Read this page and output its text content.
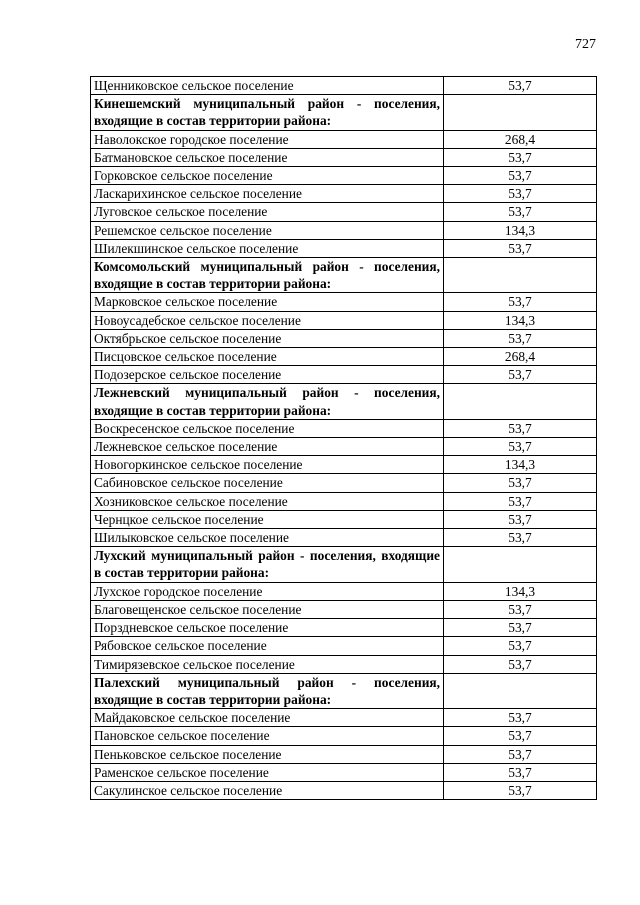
727
Щенниковское сельское поселение	53,7
Кинешемский муниципальный район - поселения, входящие в состав территории района:	
Наволокское городское поселение	268,4
Батмановское сельское поселение	53,7
Горковское сельское поселение	53,7
Ласкарихинское сельское поселение	53,7
Луговское сельское поселение	53,7
Решемское сельское поселение	134,3
Шилекшинское сельское поселение	53,7
Комсомольский муниципальный район - поселения, входящие в состав территории района:	
Марковское сельское поселение	53,7
Новоусадебское сельское поселение	134,3
Октябрьское сельское поселение	53,7
Писцовское сельское поселение	268,4
Подозерское сельское поселение	53,7
Лежневский муниципальный район - поселения, входящие в состав территории района:	
Воскресенское сельское поселение	53,7
Лежневское сельское поселение	53,7
Новогоркинское сельское поселение	134,3
Сабиновское сельское поселение	53,7
Хозниковское сельское поселение	53,7
Чернцкое сельское поселение	53,7
Шилыковское сельское поселение	53,7
Лухский муниципальный район - поселения, входящие в состав территории района:	
Лухское городское поселение	134,3
Благовещенское сельское поселение	53,7
Порздневское сельское поселение	53,7
Рябовское сельское поселение	53,7
Тимирязевское сельское поселение	53,7
Палехский муниципальный район - поселения, входящие в состав территории района:	
Майдаковское сельское поселение	53,7
Пановское сельское поселение	53,7
Пеньковское сельское поселение	53,7
Раменское сельское поселение	53,7
Сакулинское сельское поселение	53,7
